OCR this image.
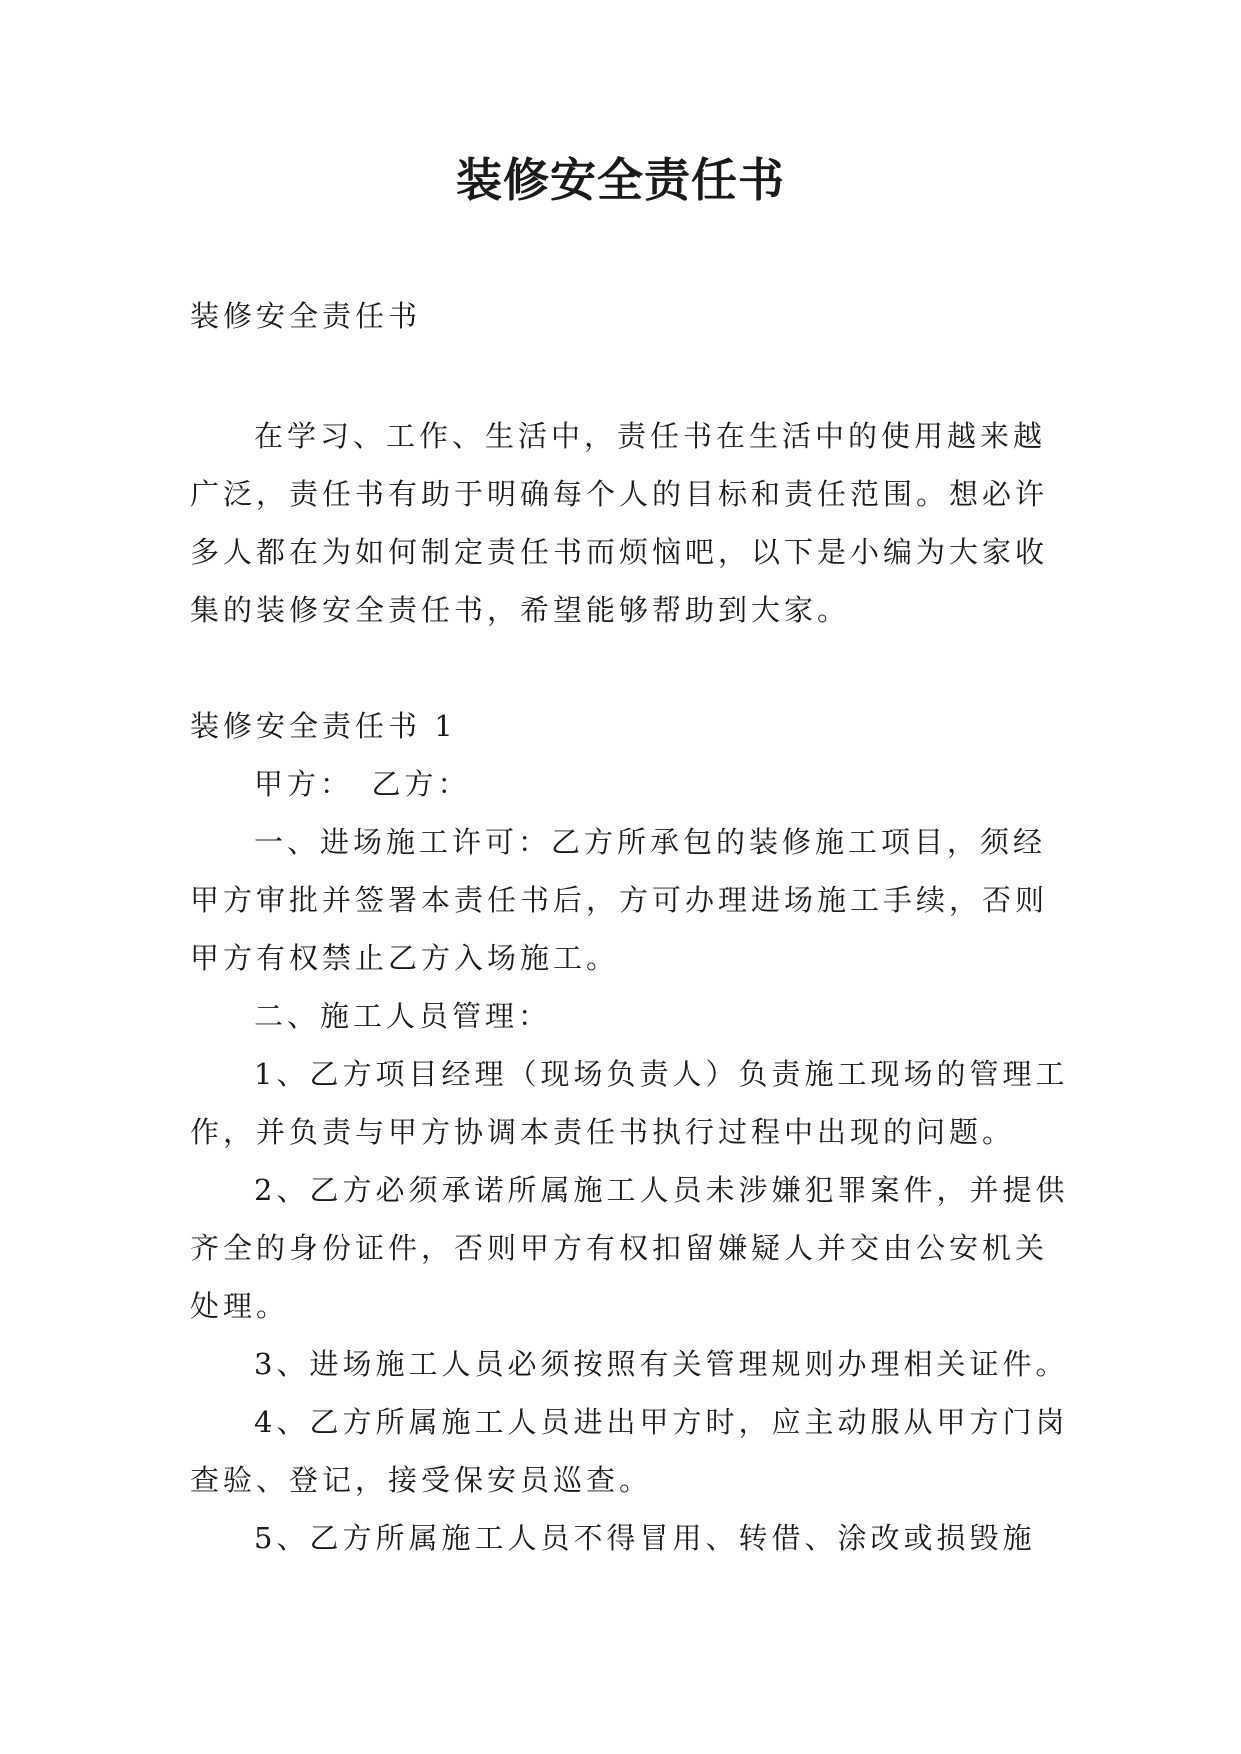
装修安全责任书

装修安全责任书

在学习、工作、生活中，责任书在生活中的使用越来越广泛，责任书有助于明确每个人的目标和责任范围。想必许多人都在为如何制定责任书而烦恼吧，以下是小编为大家收集的装修安全责任书，希望能够帮助到大家。

装修安全责任书 1

甲方：　乙方：

一、进场施工许可：乙方所承包的装修施工项目，须经甲方审批并签署本责任书后，方可办理进场施工手续，否则甲方有权禁止乙方入场施工。

二、施工人员管理：

1、乙方项目经理（现场负责人）负责施工现场的管理工作，并负责与甲方协调本责任书执行过程中出现的问题。

2、乙方必须承诺所属施工人员未涉嫌犯罪案件，并提供齐全的身份证件，否则甲方有权扣留嫌疑人并交由公安机关处理。

3、进场施工人员必须按照有关管理规则办理相关证件。

4、乙方所属施工人员进出甲方时，应主动服从甲方门岗查验、登记，接受保安员巡查。

5、乙方所属施工人员不得冒用、转借、涂改或损毁施
